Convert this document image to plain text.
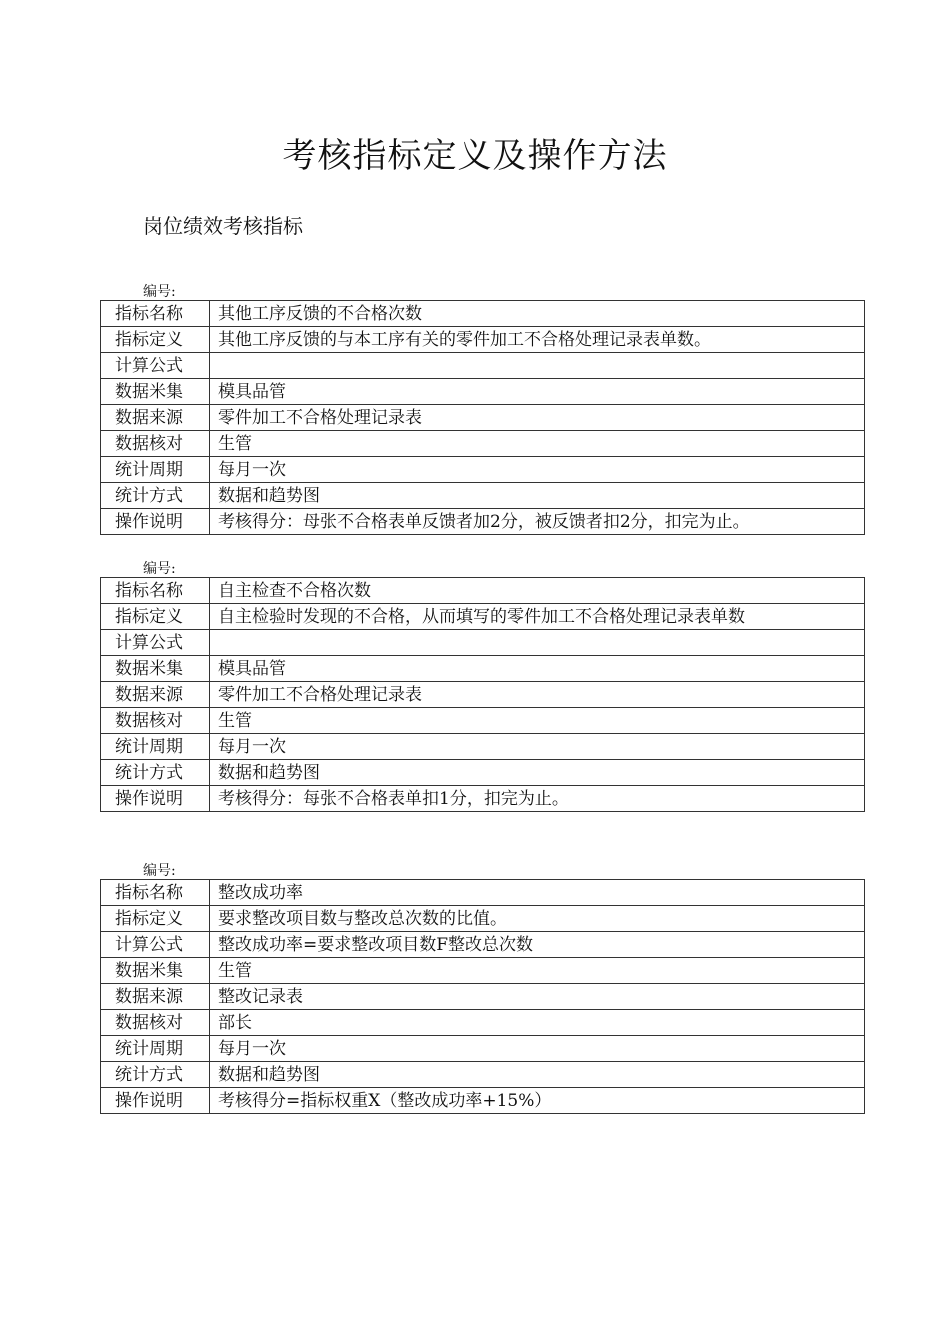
考核指标定义及操作方法
岗位绩效考核指标
编号:
指标名称	其他工序反馈的不合格次数
指标定义	其他工序反馈的与本工序有关的零件加工不合格处理记录表单数。
计算公式	
数据米集	模具品管
数据来源	零件加工不合格处理记录表
数据核对	生管
统计周期	每月一次
统计方式	数据和趋势图
操作说明	考核得分：母张不合格表单反馈者加2分，被反馈者扣2分，扣完为止。
编号:
指标名称	自主检查不合格次数
指标定义	自主检验时发现的不合格，从而填写的零件加工不合格处理记录表单数
计算公式	
数据米集	模具品管
数据来源	零件加工不合格处理记录表
数据核对	生管
统计周期	每月一次
统计方式	数据和趋势图
操作说明	考核得分：每张不合格表单扣1分，扣完为止。
编号:
指标名称	整改成功率
指标定义	要求整改项目数与整改总次数的比值。
计算公式	整改成功率=要求整改项目数F整改总次数
数据米集	生管
数据来源	整改记录表
数据核对	部长
统计周期	每月一次
统计方式	数据和趋势图
操作说明	考核得分=指标权重X（整改成功率+15%）
